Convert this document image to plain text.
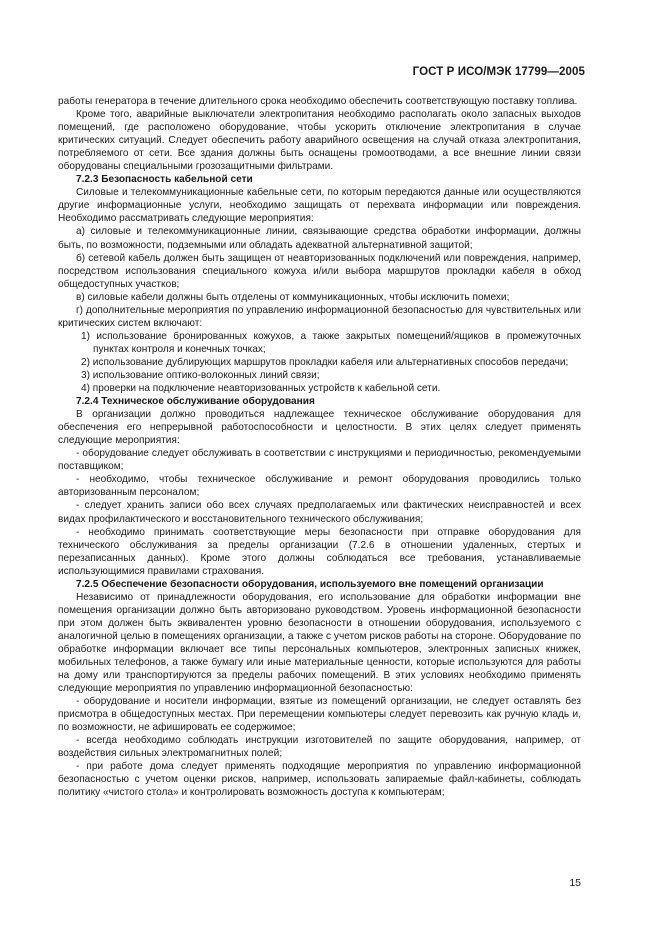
ГОСТ Р ИСО/МЭК 17799—2005

работы генератора в течение длительного срока необходимо обеспечить соответствующую поставку топлива.

Кроме того, аварийные выключатели электропитания необходимо располагать около запасных выходов помещений, где расположено оборудование, чтобы ускорить отключение электропитания в случае критических ситуаций. Следует обеспечить работу аварийного освещения на случай отказа электропитания, потребляемого от сети. Все здания должны быть оснащены громоотводами, а все внешние линии связи оборудованы специальными грозозащитными фильтрами.

7.2.3 Безопасность кабельной сети

Силовые и телекоммуникационные кабельные сети, по которым передаются данные или осуществляются другие информационные услуги, необходимо защищать от перехвата информации или повреждения. Необходимо рассматривать следующие мероприятия:

а) силовые и телекоммуникационные линии, связывающие средства обработки информации, должны быть, по возможности, подземными или обладать адекватной альтернативной защитой;

б) сетевой кабель должен быть защищен от неавторизованных подключений или повреждения, например, посредством использования специального кожуха и/или выбора маршрутов прокладки кабеля в обход общедоступных участков;

в) силовые кабели должны быть отделены от коммуникационных, чтобы исключить помехи;

г) дополнительные мероприятия по управлению информационной безопасностью для чувствительных или критических систем включают:

1) использование бронированных кожухов, а также закрытых помещений/ящиков в промежуточных пунктах контроля и конечных точках;

2) использование дублирующих маршрутов прокладки кабеля или альтернативных способов передачи;

3) использование оптико-волоконных линий связи;

4) проверки на подключение неавторизованных устройств к кабельной сети.

7.2.4 Техническое обслуживание оборудования

В организации должно проводиться надлежащее техническое обслуживание оборудования для обеспечения его непрерывной работоспособности и целостности. В этих целях следует применять следующие мероприятия:

- оборудование следует обслуживать в соответствии с инструкциями и периодичностью, рекомендуемыми поставщиком;

- необходимо, чтобы техническое обслуживание и ремонт оборудования проводились только авторизованным персоналом;

- следует хранить записи обо всех случаях предполагаемых или фактических неисправностей и всех видах профилактического и восстановительного технического обслуживания;

- необходимо принимать соответствующие меры безопасности при отправке оборудования для технического обслуживания за пределы организации (7.2.6 в отношении удаленных, стертых и перезаписанных данных). Кроме этого должны соблюдаться все требования, устанавливаемые использующимися правилами страхования.

7.2.5 Обеспечение безопасности оборудования, используемого вне помещений организации

Независимо от принадлежности оборудования, его использование для обработки информации вне помещения организации должно быть авторизовано руководством. Уровень информационной безопасности при этом должен быть эквивалентен уровню безопасности в отношении оборудования, используемого с аналогичной целью в помещениях организации, а также с учетом рисков работы на стороне. Оборудование по обработке информации включает все типы персональных компьютеров, электронных записных книжек, мобильных телефонов, а также бумагу или иные материальные ценности, которые используются для работы на дому или транспортируются за пределы рабочих помещений. В этих условиях необходимо применять следующие мероприятия по управлению информационной безопасностью:

- оборудование и носители информации, взятые из помещений организации, не следует оставлять без присмотра в общедоступных местах. При перемещении компьютеры следует перевозить как ручную кладь и, по возможности, не афишировать ее содержимое;

- всегда необходимо соблюдать инструкции изготовителей по защите оборудования, например, от воздействия сильных электромагнитных полей;

- при работе дома следует применять подходящие мероприятия по управлению информационной безопасностью с учетом оценки рисков, например, использовать запираемые файл-кабинеты, соблюдать политику «чистого стола» и контролировать возможность доступа к компьютерам;

15
